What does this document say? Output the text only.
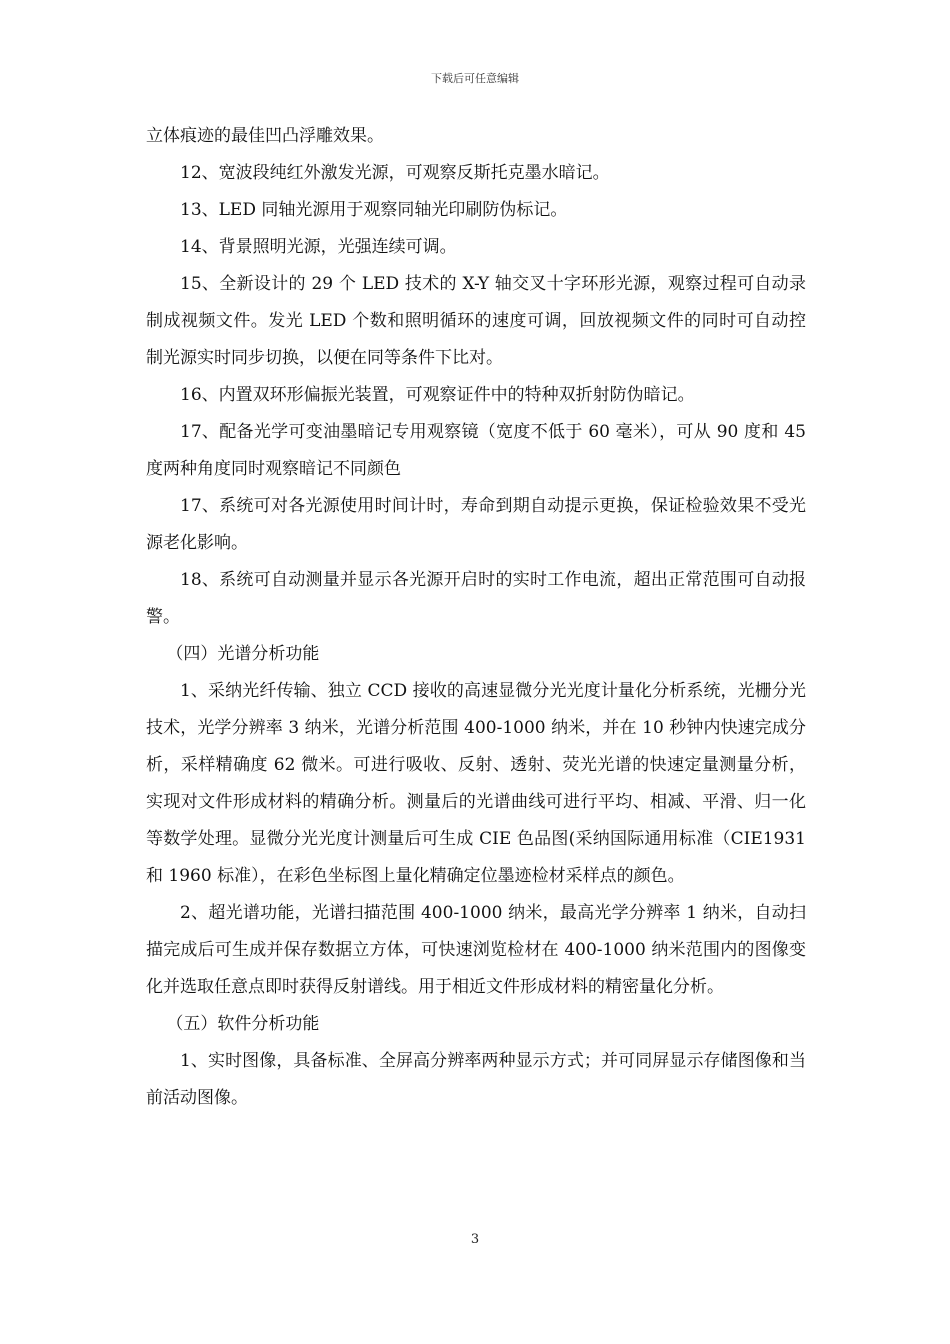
下载后可任意编辑

立体痕迹的最佳凹凸浮雕效果。

12、宽波段纯红外激发光源，可观察反斯托克墨水暗记。

13、LED 同轴光源用于观察同轴光印刷防伪标记。

14、背景照明光源，光强连续可调。

15、全新设计的 29 个 LED 技术的 X-Y 轴交叉十字环形光源，观察过程可自动录制成视频文件。发光 LED 个数和照明循环的速度可调，回放视频文件的同时可自动控制光源实时同步切换，以便在同等条件下比对。

16、内置双环形偏振光装置，可观察证件中的特种双折射防伪暗记。

17、配备光学可变油墨暗记专用观察镜（宽度不低于 60 毫米），可从 90 度和 45 度两种角度同时观察暗记不同颜色

17、系统可对各光源使用时间计时，寿命到期自动提示更换，保证检验效果不受光源老化影响。

18、系统可自动测量并显示各光源开启时的实时工作电流，超出正常范围可自动报警。

（四）光谱分析功能

1、采纳光纤传输、独立 CCD 接收的高速显微分光光度计量化分析系统，光栅分光技术，光学分辨率 3 纳米，光谱分析范围 400-1000 纳米，并在 10 秒钟内快速完成分析，采样精确度 62 微米。可进行吸收、反射、透射、荧光光谱的快速定量测量分析，实现对文件形成材料的精确分析。测量后的光谱曲线可进行平均、相减、平滑、归一化等数学处理。显微分光光度计测量后可生成 CIE 色品图(采纳国际通用标准（CIE1931 和 1960 标准），在彩色坐标图上量化精确定位墨迹检材采样点的颜色。

2、超光谱功能，光谱扫描范围 400-1000 纳米，最高光学分辨率 1 纳米，自动扫描完成后可生成并保存数据立方体，可快速浏览检材在 400-1000 纳米范围内的图像变化并选取任意点即时获得反射谱线。用于相近文件形成材料的精密量化分析。

（五）软件分析功能

1、实时图像，具备标准、全屏高分辨率两种显示方式；并可同屏显示存储图像和当前活动图像。

3
